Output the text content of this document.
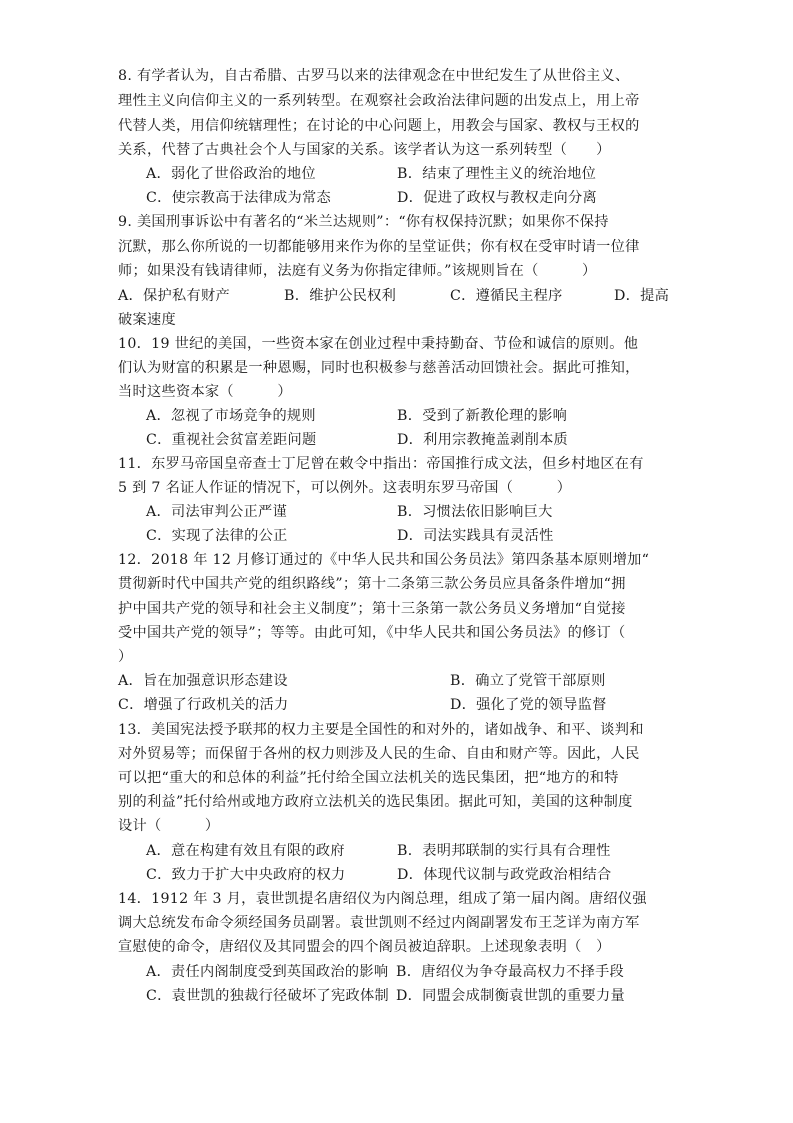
8. 有学者认为，自古希腊、古罗马以来的法律观念在中世纪发生了从世俗主义、
理性主义向信仰主义的一系列转型。在观察社会政治法律问题的出发点上，用上帝
代替人类，用信仰统辖理性；在讨论的中心问题上，用教会与国家、教权与王权的
关系，代替了古典社会个人与国家的关系。该学者认为这一系列转型（　　）
A．弱化了世俗政治的地位	B．结束了理性主义的统治地位
C．使宗教高于法律成为常态	D．促进了政权与教权走向分离
9. 美国刑事诉讼中有著名的“米兰达规则”：“你有权保持沉默；如果你不保持
沉默，那么你所说的一切都能够用来作为你的呈堂证供；你有权在受审时请一位律
师；如果没有钱请律师，法庭有义务为你指定律师。”该规则旨在（　　　）
A．保护私有财产	B．维护公民权利	C．遵循民主程序	D．提高
破案速度
10．19 世纪的美国，一些资本家在创业过程中秉持勤奋、节俭和诚信的原则。他
们认为财富的积累是一种恩赐，同时也积极参与慈善活动回馈社会。据此可推知，
当时这些资本家（　　　）
A．忽视了市场竞争的规则	B．受到了新教伦理的影响
C．重视社会贫富差距问题	D．利用宗教掩盖剥削本质
11．东罗马帝国皇帝查士丁尼曾在敕令中指出：帝国推行成文法，但乡村地区在有
5 到 7 名证人作证的情况下，可以例外。这表明东罗马帝国（　　　）
A．司法审判公正严谨	B．习惯法依旧影响巨大
C．实现了法律的公正	D．司法实践具有灵活性
12．2018 年 12 月修订通过的《中华人民共和国公务员法》第四条基本原则增加“
贯彻新时代中国共产党的组织路线”；第十二条第三款公务员应具备条件增加“拥
护中国共产党的领导和社会主义制度”；第十三条第一款公务员义务增加“自觉接
受中国共产党的领导”；等等。由此可知，《中华人民共和国公务员法》的修订（
）
A．旨在加强意识形态建设	B．确立了党管干部原则
C．增强了行政机关的活力	D．强化了党的领导监督
13．美国宪法授予联邦的权力主要是全国性的和对外的，诸如战争、和平、谈判和
对外贸易等；而保留于各州的权力则涉及人民的生命、自由和财产等。因此，人民
可以把“重大的和总体的利益”托付给全国立法机关的选民集团，把“地方的和特
别的利益”托付给州或地方政府立法机关的选民集团。据此可知，美国的这种制度
设计（　　　）
A．意在构建有效且有限的政府	B．表明邦联制的实行具有合理性
C．致力于扩大中央政府的权力	D．体现代议制与政党政治相结合
14．1912 年 3 月，袁世凯提名唐绍仪为内阁总理，组成了第一届内阁。唐绍仪强
调大总统发布命令须经国务员副署。袁世凯则不经过内阁副署发布王芝详为南方军
宣慰使的命令，唐绍仪及其同盟会的四个阁员被迫辞职。上述现象表明（　）
A．责任内阁制度受到英国政治的影响 B．唐绍仪为争夺最高权力不择手段
C．袁世凯的独裁行径破坏了宪政体制 D．同盟会成制衡袁世凯的重要力量
